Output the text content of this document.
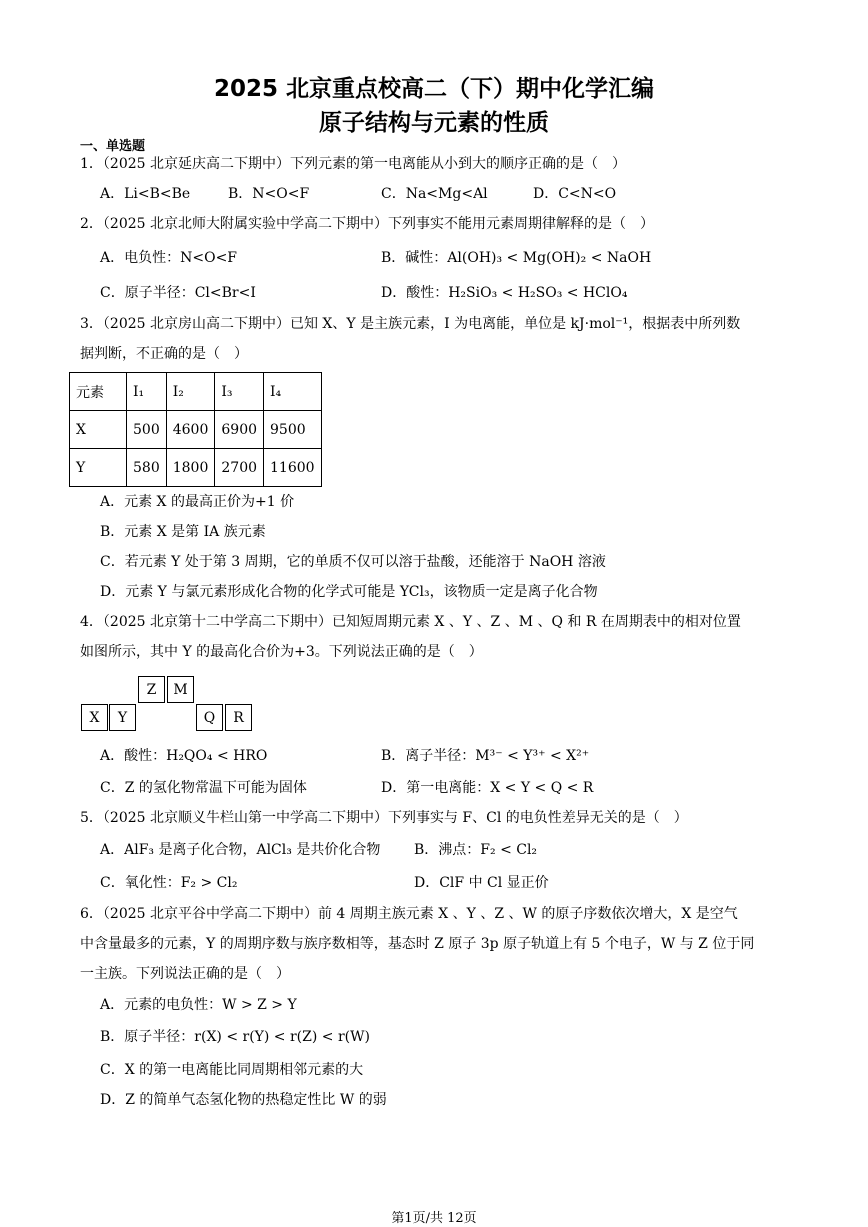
2025 北京重点校高二（下）期中化学汇编
原子结构与元素的性质
一、单选题
1．（2025 北京延庆高二下期中）下列元素的第一电离能从小到大的顺序正确的是（　）
A．Li<B<Be	B．N<O<F	C．Na<Mg<Al	D．C<N<O
2．（2025 北京北师大附属实验中学高二下期中）下列事实不能用元素周期律解释的是（　）
A．电负性：N<O<F	B．碱性：Al(OH)₃ < Mg(OH)₂ < NaOH
C．原子半径：Cl<Br<I	D．酸性：H₂SiO₃ < H₂SO₃ < HClO₄
3．（2025 北京房山高二下期中）已知 X、Y 是主族元素，I 为电离能，单位是 kJ·mol⁻¹，根据表中所列数
据判断，不正确的是（　）
元素	I₁	I₂	I₃	I₄
X	500	4600	6900	9500
Y	580	1800	2700	11600
A．元素 X 的最高正价为+1 价
B．元素 X 是第 IA 族元素
C．若元素 Y 处于第 3 周期，它的单质不仅可以溶于盐酸，还能溶于 NaOH 溶液
D．元素 Y 与氯元素形成化合物的化学式可能是 YCl₃，该物质一定是离子化合物
4．（2025 北京第十二中学高二下期中）已知短周期元素 X 、Y 、Z 、M 、Q 和 R 在周期表中的相对位置
如图所示，其中 Y 的最高化合价为+3。下列说法正确的是（　）
Z	M
X	Y	Q	R
A．酸性：H₂QO₄ < HRO	B．离子半径：M³⁻ < Y³⁺ < X²⁺
C．Z 的氢化物常温下可能为固体	D．第一电离能：X < Y < Q < R
5．（2025 北京顺义牛栏山第一中学高二下期中）下列事实与 F、Cl 的电负性差异无关的是（　）
A．AlF₃ 是离子化合物，AlCl₃ 是共价化合物 B．沸点：F₂ < Cl₂
C．氧化性：F₂ > Cl₂	D．ClF 中 Cl 显正价
6．（2025 北京平谷中学高二下期中）前 4 周期主族元素 X 、Y 、Z 、W 的原子序数依次增大，X 是空气
中含量最多的元素，Y 的周期序数与族序数相等，基态时 Z 原子 3p 原子轨道上有 5 个电子，W 与 Z 位于同
一主族。下列说法正确的是（　）
A．元素的电负性：W > Z > Y
B．原子半径：r(X) < r(Y) < r(Z) < r(W)
C．X 的第一电离能比同周期相邻元素的大
D．Z 的简单气态氢化物的热稳定性比 W 的弱
第1页/共 12页
